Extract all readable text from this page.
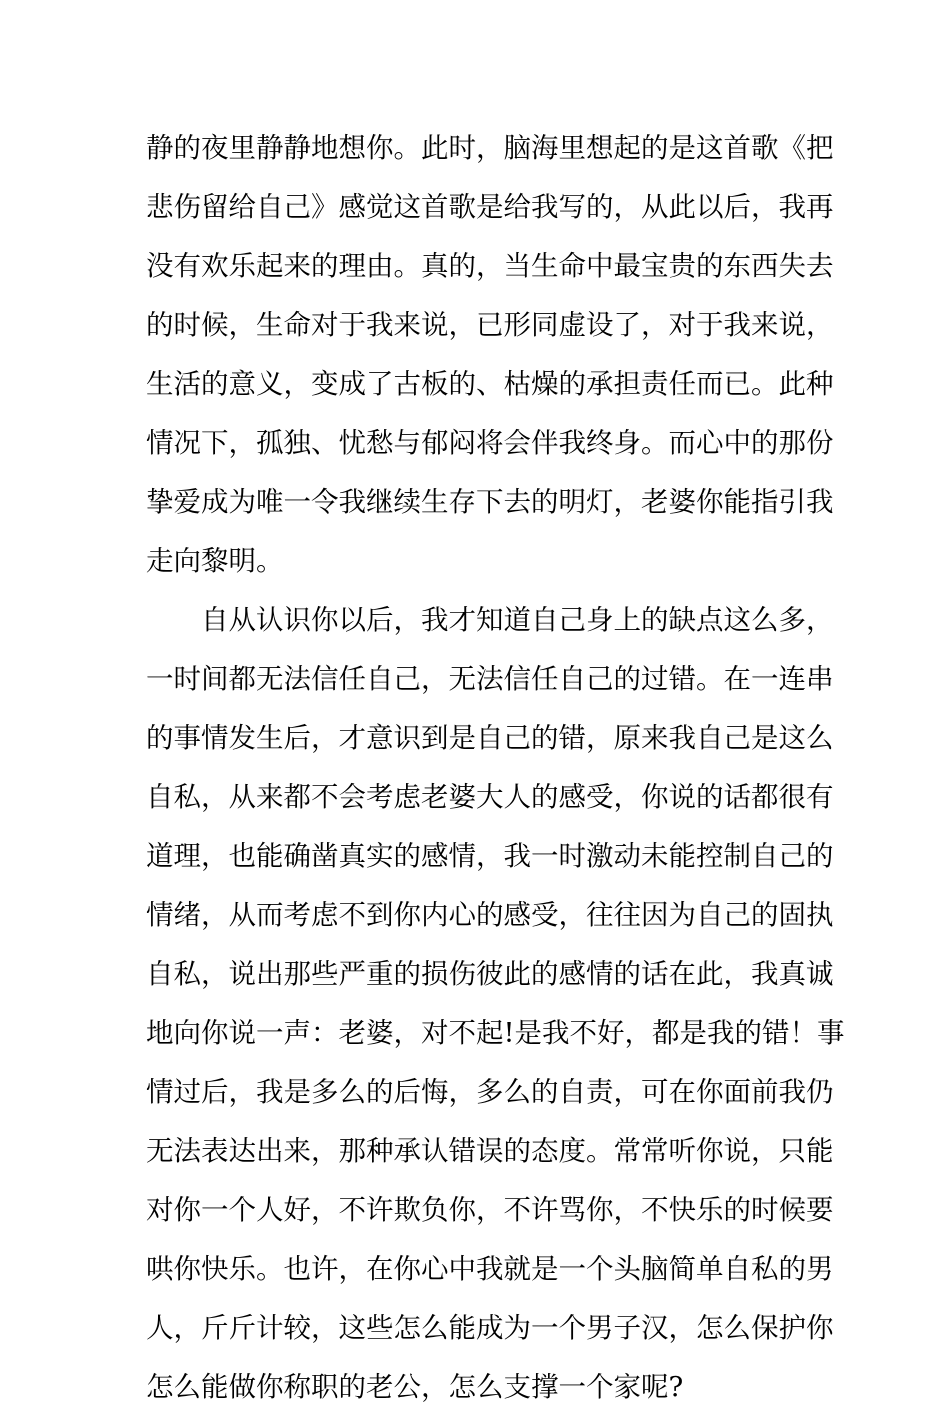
静的夜里静静地想你。此时，脑海里想起的是这首歌《把
悲伤留给自己》感觉这首歌是给我写的，从此以后，我再
没有欢乐起来的理由。真的，当生命中最宝贵的东西失去
的时候，生命对于我来说，已形同虚设了，对于我来说，
生活的意义，变成了古板的、枯燥的承担责任而已。此种
情况下，孤独、忧愁与郁闷将会伴我终身。而心中的那份
挚爱成为唯一令我继续生存下去的明灯，老婆你能指引我
走向黎明。
自从认识你以后，我才知道自己身上的缺点这么多，
一时间都无法信任自己，无法信任自己的过错。在一连串
的事情发生后，才意识到是自己的错，原来我自己是这么
自私，从来都不会考虑老婆大人的感受，你说的话都很有
道理，也能确凿真实的感情，我一时激动未能控制自己的
情绪，从而考虑不到你内心的感受，往往因为自己的固执
自私，说出那些严重的损伤彼此的感情的话在此，我真诚
地向你说一声：老婆，对不起!是我不好，都是我的错！事
情过后，我是多么的后悔，多么的自责，可在你面前我仍
无法表达出来，那种承认错误的态度。常常听你说，只能
对你一个人好，不许欺负你，不许骂你，不快乐的时候要
哄你快乐。也许，在你心中我就是一个头脑简单自私的男
人，斤斤计较，这些怎么能成为一个男子汉，怎么保护你
怎么能做你称职的老公，怎么支撑一个家呢?
